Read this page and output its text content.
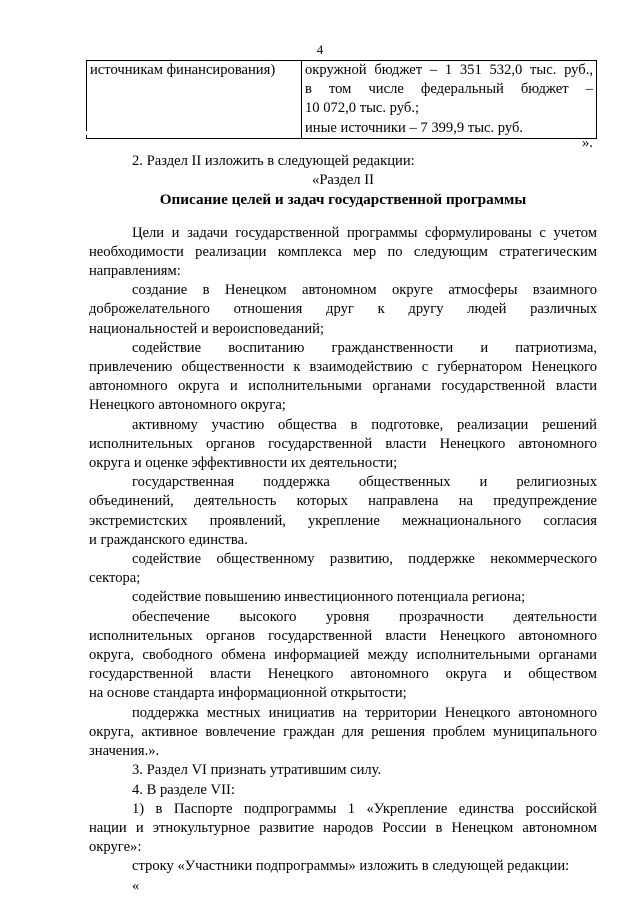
4
источникам финансирования)	окружной бюджет – 1 351 532,0 тыс. руб.,
в том числе федеральный бюджет –
10 072,0 тыс. руб.;
иные источники – 7 399,9 тыс. руб.
».
2. Раздел II изложить в следующей редакции:
«Раздел II
Описание целей и задач государственной программы
Цели и задачи государственной программы сформулированы с учетом
необходимости реализации комплекса мер по следующим стратегическим
направлениям:
создание в Ненецком автономном округе атмосферы взаимного
доброжелательного отношения друг к другу людей различных
национальностей и вероисповеданий;
содействие воспитанию гражданственности и патриотизма,
привлечению общественности к взаимодействию с губернатором Ненецкого
автономного округа и исполнительными органами государственной власти
Ненецкого автономного округа;
активному участию общества в подготовке, реализации решений
исполнительных органов государственной власти Ненецкого автономного
округа и оценке эффективности их деятельности;
государственная поддержка общественных и религиозных
объединений, деятельность которых направлена на предупреждение
экстремистских проявлений, укрепление межнационального согласия
и гражданского единства.
содействие общественному развитию, поддержке некоммерческого
сектора;
содействие повышению инвестиционного потенциала региона;
обеспечение высокого уровня прозрачности деятельности
исполнительных органов государственной власти Ненецкого автономного
округа, свободного обмена информацией между исполнительными органами
государственной власти Ненецкого автономного округа и обществом
на основе стандарта информационной открытости;
поддержка местных инициатив на территории Ненецкого автономного
округа, активное вовлечение граждан для решения проблем муниципального
значения.».
3. Раздел VI признать утратившим силу.
4. В разделе VII:
1) в Паспорте подпрограммы 1 «Укрепление единства российской
нации и этнокультурное развитие народов России в Ненецком автономном
округе»:
строку «Участники подпрограммы» изложить в следующей редакции:
«
